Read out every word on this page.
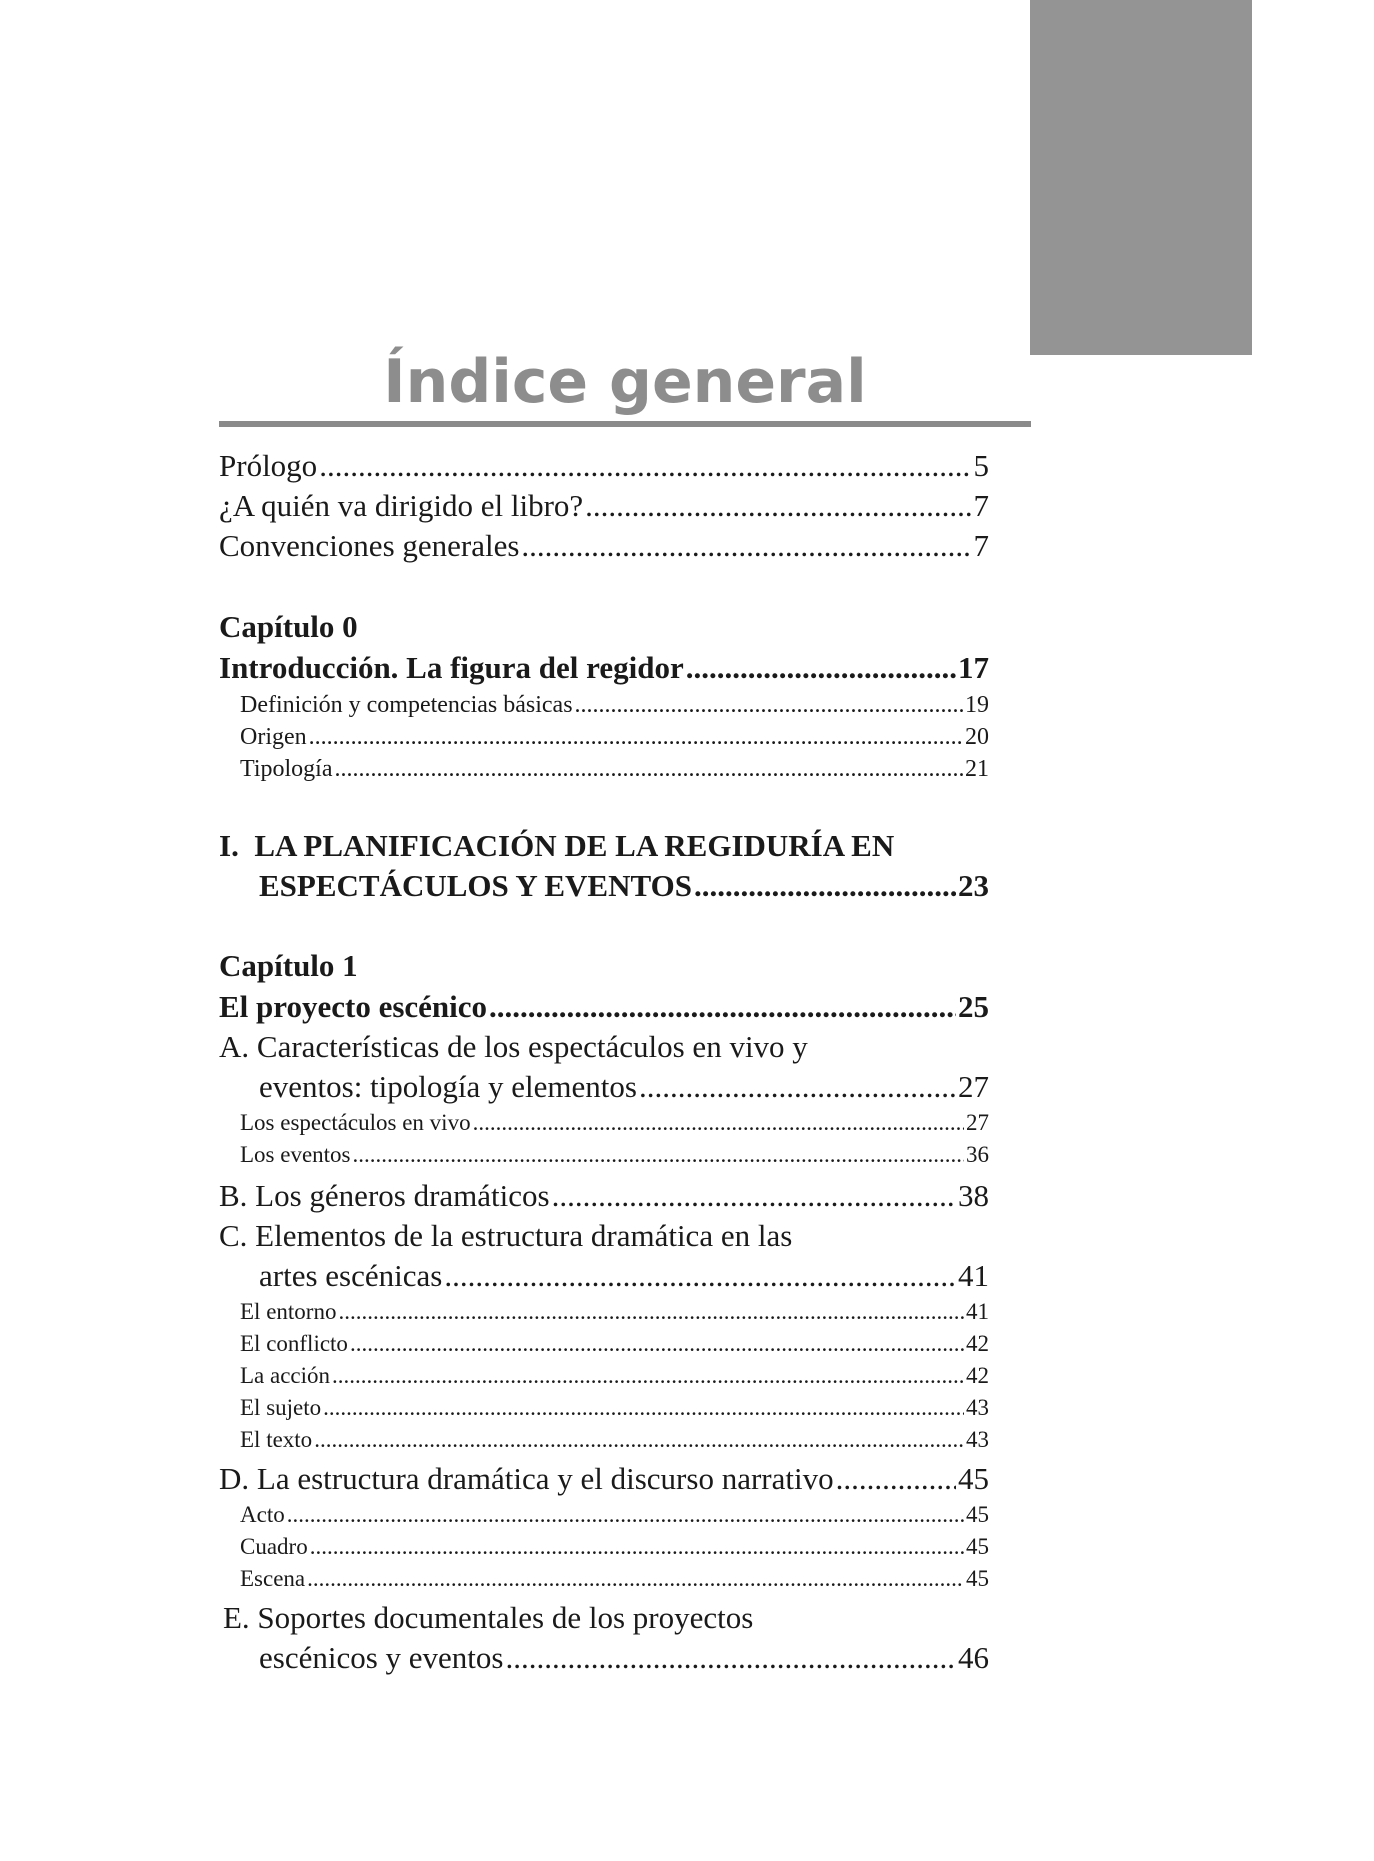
Índice general
Prólogo .....	5
¿A quién va dirigido el libro? .....	7
Convenciones generales .....	7
Capítulo 0
Introducción. La figura del regidor .....	17
Definición y competencias básicas .....	19
Origen .....	20
Tipología .....	21
I.  LA PLANIFICACIÓN DE LA REGIDURÍA EN
ESPECTÁCULOS Y EVENTOS .....	23
Capítulo 1
El proyecto escénico .....	25
A. Características de los espectáculos en vivo y
eventos: tipología y elementos .....	27
Los espectáculos en vivo .....	27
Los eventos .....	36
B. Los géneros dramáticos .....	38
C. Elementos de la estructura dramática en las
artes escénicas .....	41
El entorno .....	41
El conflicto .....	42
La acción .....	42
El sujeto .....	43
El texto .....	43
D. La estructura dramática y el discurso narrativo .....	45
Acto .....	45
Cuadro .....	45
Escena .....	45
E. Soportes documentales de los proyectos
escénicos y eventos .....	46
